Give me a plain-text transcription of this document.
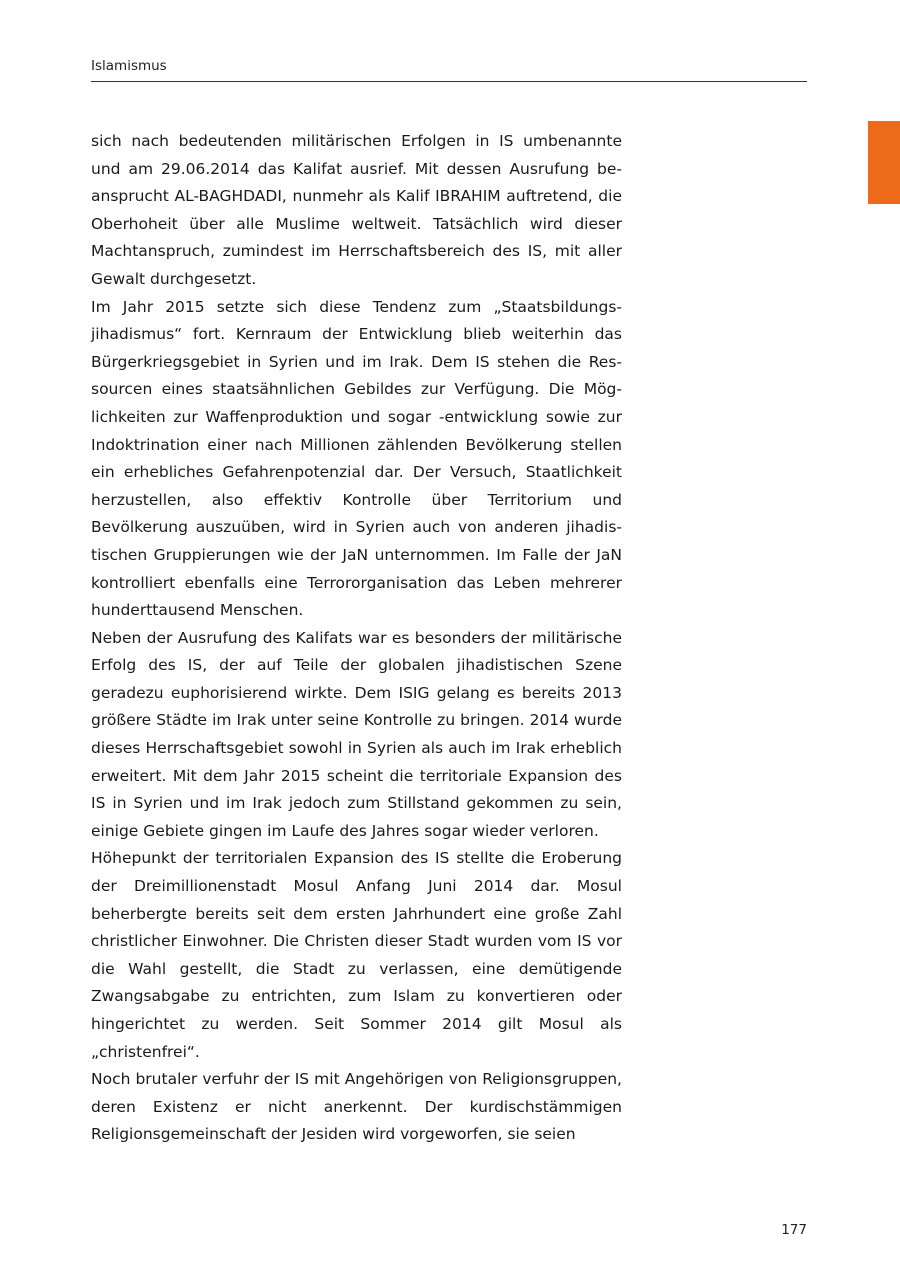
Islamismus

sich nach bedeutenden militärischen Erfolgen in IS umbenannte und am 29.06.2014 das Kalifat ausrief. Mit dessen Ausrufung beansprucht AL-BAGHDADI, nunmehr als Kalif IBRAHIM auftretend, die Oberhoheit über alle Muslime weltweit. Tatsächlich wird dieser Machtanspruch, zumindest im Herrschaftsbereich des IS, mit aller Gewalt durchgesetzt.

Im Jahr 2015 setzte sich diese Tendenz zum „Staatsbildungsjihadismus“ fort. Kernraum der Entwicklung blieb weiterhin das Bürgerkriegsgebiet in Syrien und im Irak. Dem IS stehen die Ressourcen eines staatsähnlichen Gebildes zur Verfügung. Die Möglichkeiten zur Waffenproduktion und sogar -entwicklung sowie zur Indoktrination einer nach Millionen zählenden Bevölkerung stellen ein erhebliches Gefahrenpotenzial dar. Der Versuch, Staatlichkeit herzustellen, also effektiv Kontrolle über Territorium und Bevölkerung auszuüben, wird in Syrien auch von anderen jihadistischen Gruppierungen wie der JaN unternommen. Im Falle der JaN kontrolliert ebenfalls eine Terrororganisation das Leben mehrerer hunderttausend Menschen.

Neben der Ausrufung des Kalifats war es besonders der militärische Erfolg des IS, der auf Teile der globalen jihadistischen Szene geradezu euphorisierend wirkte. Dem ISIG gelang es bereits 2013 größere Städte im Irak unter seine Kontrolle zu bringen. 2014 wurde dieses Herrschaftsgebiet sowohl in Syrien als auch im Irak erheblich erweitert. Mit dem Jahr 2015 scheint die territoriale Expansion des IS in Syrien und im Irak jedoch zum Stillstand gekommen zu sein, einige Gebiete gingen im Laufe des Jahres sogar wieder verloren.

Höhepunkt der territorialen Expansion des IS stellte die Eroberung der Dreimillionenstadt Mosul Anfang Juni 2014 dar. Mosul beherbergte bereits seit dem ersten Jahrhundert eine große Zahl christlicher Einwohner. Die Christen dieser Stadt wurden vom IS vor die Wahl gestellt, die Stadt zu verlassen, eine demütigende Zwangsabgabe zu entrichten, zum Islam zu konvertieren oder hingerichtet zu werden. Seit Sommer 2014 gilt Mosul als „christenfrei“.

Noch brutaler verfuhr der IS mit Angehörigen von Religionsgruppen, deren Existenz er nicht anerkennt. Der kurdischstämmigen Religionsgemeinschaft der Jesiden wird vorgeworfen, sie seien

177
